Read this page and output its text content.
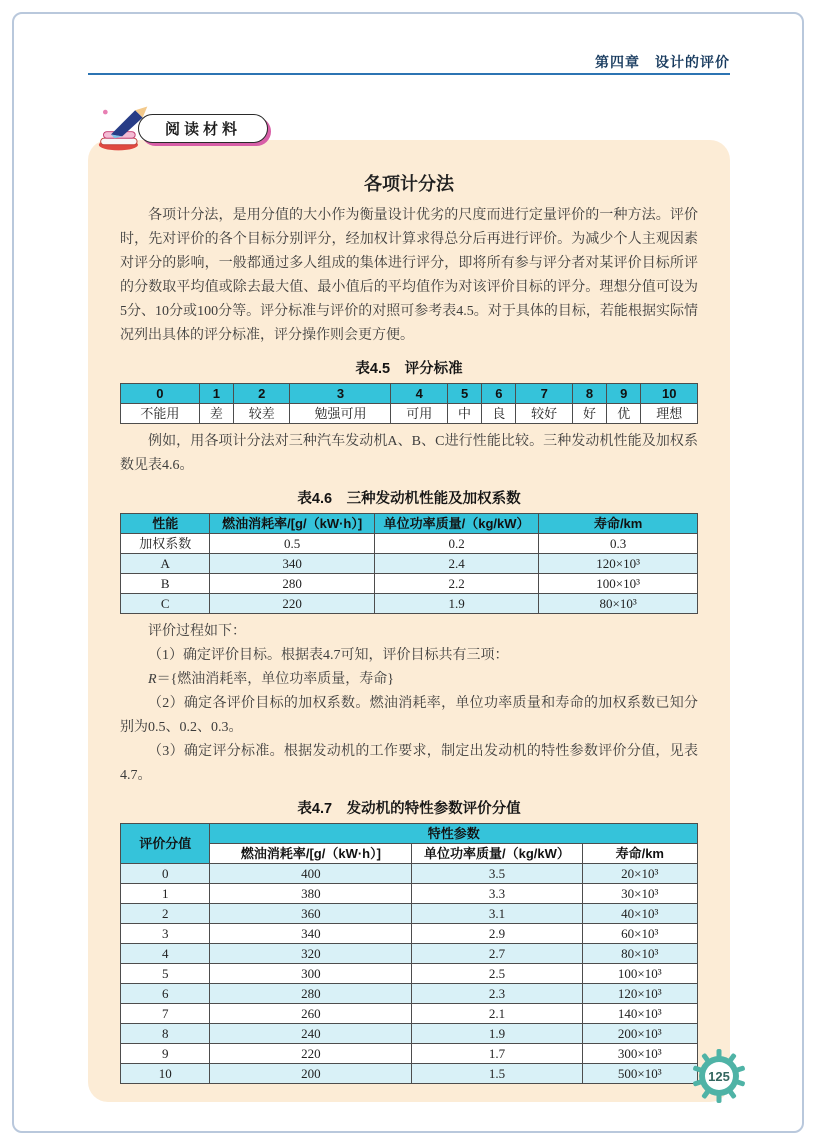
第四章　设计的评价
阅读材料
各项计分法

各项计分法，是用分值的大小作为衡量设计优劣的尺度而进行定量评价的一种方法。评价时，先对评价的各个目标分别评分，经加权计算求得总分后再进行评价。为减少个人主观因素对评分的影响，一般都通过多人组成的集体进行评分，即将所有参与评分者对某评价目标所评的分数取平均值或除去最大值、最小值后的平均值作为对该评价目标的评分。理想分值可设为5分、10分或100分等。评分标准与评价的对照可参考表4.5。对于具体的目标，若能根据实际情况列出具体的评分标准，评分操作则会更方便。

表4.5　评分标准
0	1	2	3	4	5	6	7	8	9	10
不能用	差	较差	勉强可用	可用	中	良	较好	好	优	理想

例如，用各项计分法对三种汽车发动机A、B、C进行性能比较。三种发动机性能及加权系数见表4.6。

表4.6　三种发动机性能及加权系数
性能	燃油消耗率/[g/（kW·h）]	单位功率质量/（kg/kW）	寿命/km
加权系数	0.5	0.2	0.3
A	340	2.4	120×10³
B	280	2.2	100×10³
C	220	1.9	80×10³

评价过程如下：

（1）确定评价目标。根据表4.7可知，评价目标共有三项：

R＝{燃油消耗率，单位功率质量，寿命}

（2）确定各评价目标的加权系数。燃油消耗率，单位功率质量和寿命的加权系数已知分别为0.5、0.2、0.3。

（3）确定评分标准。根据发动机的工作要求，制定出发动机的特性参数评价分值，见表4.7。

表4.7　发动机的特性参数评价分值
评价分值	特性参数		
	燃油消耗率/[g/（kW·h）]	单位功率质量/（kg/kW）	寿命/km
0	400	3.5	20×10³
1	380	3.3	30×10³
2	360	3.1	40×10³
3	340	2.9	60×10³
4	320	2.7	80×10³
5	300	2.5	100×10³
6	280	2.3	120×10³
7	260	2.1	140×10³
8	240	1.9	200×10³
9	220	1.7	300×10³
10	200	1.5	500×10³	125
